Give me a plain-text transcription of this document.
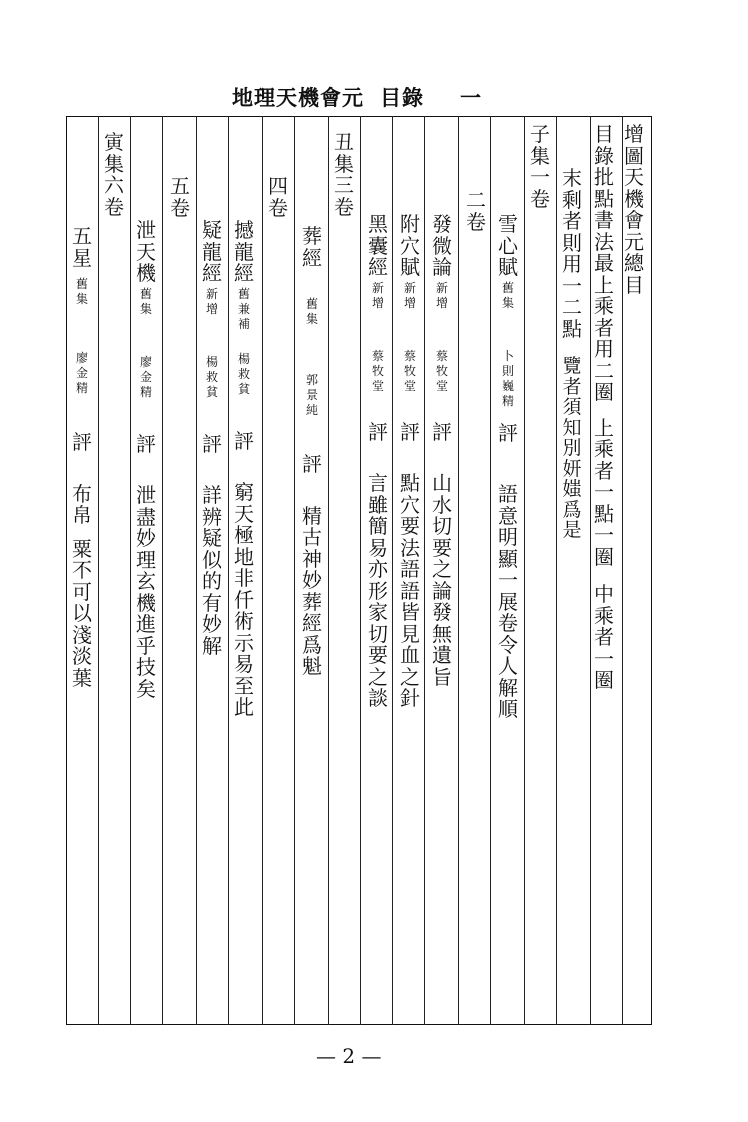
地理天機會元 目錄 一
增
圖
天
機
會
元
總
目
目
錄
批
點
書
法
最
上
乘
者
用
二
圈
上
乘
者
一
點
一
圈
中
乘
者
一
圈
末
剩
者
則
用
一
二
點
覽
者
須
知
別
妍
媸
爲
是
子
集
一
卷
雪
心
賦
舊
集
卜
則
巍
精
評
語
意
明
顯
一
展
卷
令
人
解
順
二
卷
發
微
論
新
增
蔡
牧
堂
評
山
水
切
要
之
論
發
無
遺
旨
附
穴
賦
新
增
蔡
牧
堂
評
點
穴
要
法
語
語
皆
見
血
之
針
黑
囊
經
新
增
蔡
牧
堂
評
言
雖
簡
易
亦
形
家
切
要
之
談
丑
集
三
卷
葬
經
舊
集
郭
景
純
評
精
古
神
妙
葬
經
爲
魁
四
卷
撼
龍
經
舊
兼
補
楊
救
貧
評
窮
天
極
地
非
仟
術
示
易
至
此
疑
龍
經
新
增
楊
救
貧
評
詳
辨
疑
似
的
有
妙
解
五
卷
泄
天
機
舊
集
廖
金
精
評
泄
盡
妙
理
玄
機
進
乎
技
矣
寅
集
六
卷
五
星
舊
集
廖
金
精
評
布
帛
粟
不
可
以
淺
淡
葉
— 2 —
